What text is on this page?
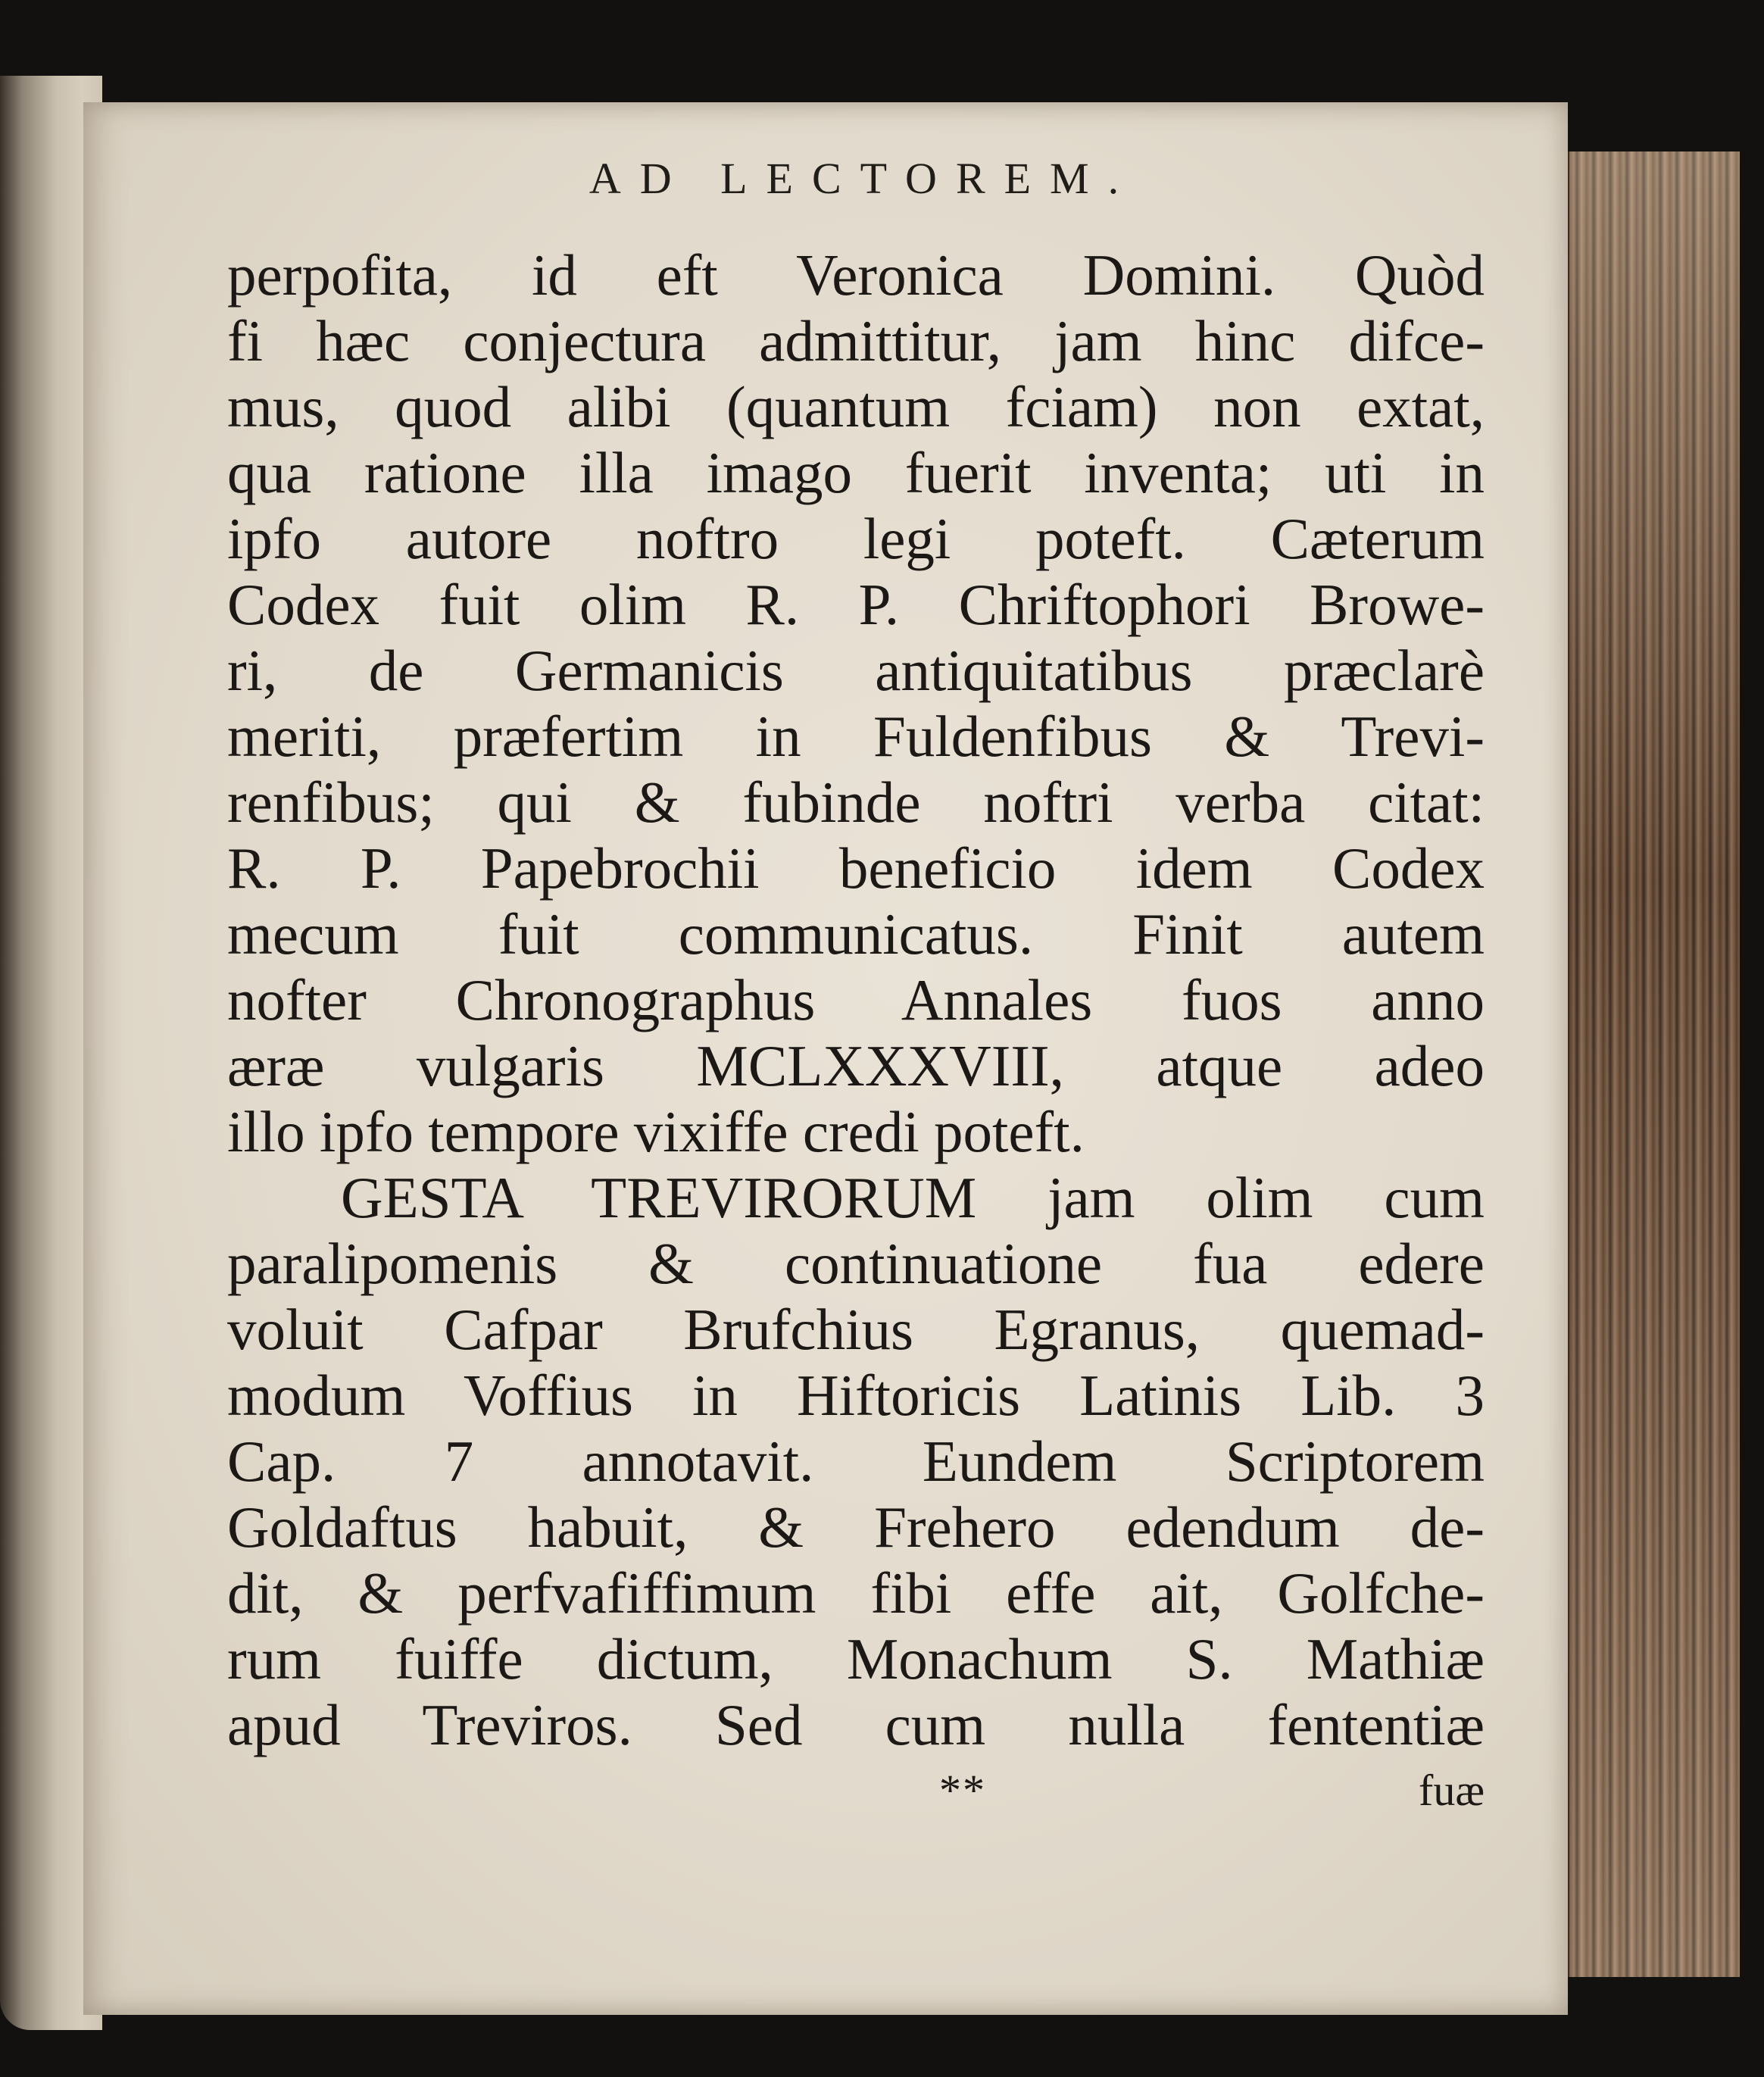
AD LECTOREM.
perpofita, id eft Veronica Domini. Quòd
fi hæc conjectura admittitur, jam hinc difce-
mus, quod alibi (quantum fciam) non extat,
qua ratione illa imago fuerit inventa; uti in
ipfo autore noftro legi poteft. Cæterum
Codex fuit olim R. P. Chriftophori Browe-
ri, de Germanicis antiquitatibus præclarè
meriti, præfertim in Fuldenfibus & Trevi-
renfibus; qui & fubinde noftri verba citat:
R. P. Papebrochii beneficio idem Codex
mecum fuit communicatus. Finit autem
nofter Chronographus Annales fuos anno
æræ vulgaris MCLXXXVIII, atque adeo
illo ipfo tempore vixiffe credi poteft.
GESTA TREVIRORUM jam olim cum
paralipomenis & continuatione fua edere
voluit Cafpar Brufchius Egranus, quemad-
modum Voffius in Hiftoricis Latinis Lib. 3
Cap. 7 annotavit. Eundem Scriptorem
Goldaftus habuit, & Frehero edendum de-
dit, & perfvafiffimum fibi effe ait, Golfche-
rum fuiffe dictum, Monachum S. Mathiæ
apud Treviros. Sed cum nulla fententiæ
**	fuæ
